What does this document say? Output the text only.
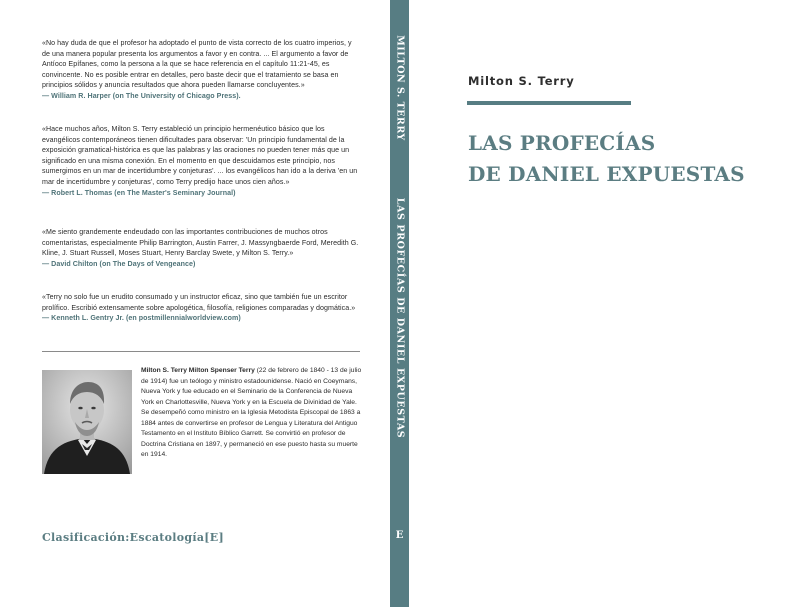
«No hay duda de que el profesor ha adoptado el punto de vista correcto de los cuatro imperios, y de una manera popular presenta los argumentos a favor y en contra. ... El argumento a favor de Antíoco Epífanes, como la persona a la que se hace referencia en el capítulo 11:21-45, es convincente. No es posible entrar en detalles, pero baste decir que el tratamiento se basa en principios sólidos y anuncia resultados que ahora pueden llamarse concluyentes.»

— William R. Harper (on The University of Chicago Press).

«Hace muchos años, Milton S. Terry estableció un principio hermenéutico básico que los evangélicos contemporáneos tienen dificultades para observar: 'Un principio fundamental de la exposición gramatical-histórica es que las palabras y las oraciones no pueden tener más que un significado en una misma conexión. En el momento en que descuidamos este principio, nos sumergimos en un mar de incertidumbre y conjeturas'. ... los evangélicos han ido a la deriva 'en un mar de incertidumbre y conjeturas', como Terry predijo hace unos cien años.»

— Robert L. Thomas (en The Master's Seminary Journal)

«Me siento grandemente endeudado con las importantes contribuciones de muchos otros comentaristas, especialmente Philip Barrington, Austin Farrer, J. Massyngbaerde Ford, Meredith G. Kline, J. Stuart Russell, Moses Stuart, Henry Barclay Swete, y Milton S. Terry.»

— David Chilton (on The Days of Vengeance)

«Terry no solo fue un erudito consumado y un instructor eficaz, sino que también fue un escritor prolífico. Escribió extensamente sobre apologética, filosofía, religiones comparadas y dogmática.»

— Kenneth L. Gentry Jr. (en postmillennialworldview.com)

Milton S. Terry Milton Spenser Terry (22 de febrero de 1840 - 13 de julio de 1914) fue un teólogo y ministro estadounidense. Nació en Coeymans, Nueva York y fue educado en el Seminario de la Conferencia de Nueva York en Charlottesville, Nueva York y en la Escuela de Divinidad de Yale. Se desempeñó como ministro en la Iglesia Metodista Episcopal de 1863 a 1884 antes de convertirse en profesor de Lengua y Literatura del Antiguo Testamento en el Instituto Bíblico Garrett. Se convirtió en profesor de Doctrina Cristiana en 1897, y permaneció en ese puesto hasta su muerte en 1914.
Clasificación:Escatología[E]
MILTON S. TERRY
LAS PROFECÍAS DE DANIEL EXPUESTAS
E
Milton S. Terry
LAS PROFECÍAS
DE DANIEL EXPUESTAS
